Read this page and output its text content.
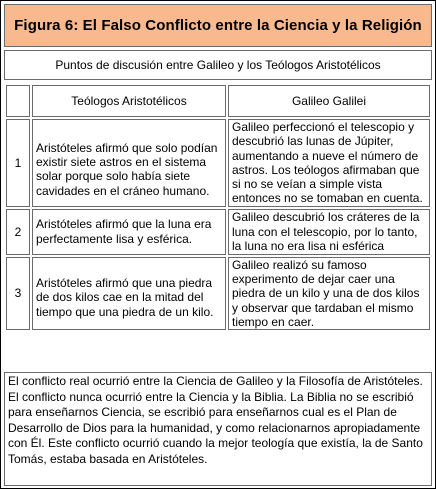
Figura 6: El Falso Conflicto entre la Ciencia y la Religión
Puntos de discusión entre Galileo y los Teólogos Aristotélicos
	Teólogos Aristotélicos	Galileo Galilei
1	Aristóteles afirmó que solo podían existir siete astros en el sistema solar porque solo había siete cavidades en el cráneo humano.	Galileo perfeccionó el telescopio y descubrió las lunas de Júpiter, aumentando a nueve el número de astros. Los teólogos afirmaban que si no se veían a simple vista entonces no se tomaban en cuenta.
2	Aristóteles afirmó que la luna era perfectamente lisa y esférica.	Galileo descubrió los cráteres de la luna con el telescopio, por lo tanto, la luna no era lisa ni esférica
3	Aristóteles afirmó que una piedra de dos kilos cae en la mitad del tiempo que una piedra de un kilo.	Galileo realizó su famoso experimento de dejar caer una piedra de un kilo y una de dos kilos y observar que tardaban el mismo tiempo en caer.
El conflicto real ocurrió entre la Ciencia de Galileo y la Filosofía de Aristóteles. El conflicto nunca ocurrió entre la Ciencia y la Biblia. La Biblia no se escribió para enseñarnos Ciencia, se escribió para enseñarnos cual es el Plan de Desarrollo de Dios para la humanidad, y como relacionarnos apropiadamente con Él. Este conflicto ocurrió cuando la mejor teología que existía, la de Santo Tomás, estaba basada en Aristóteles.
